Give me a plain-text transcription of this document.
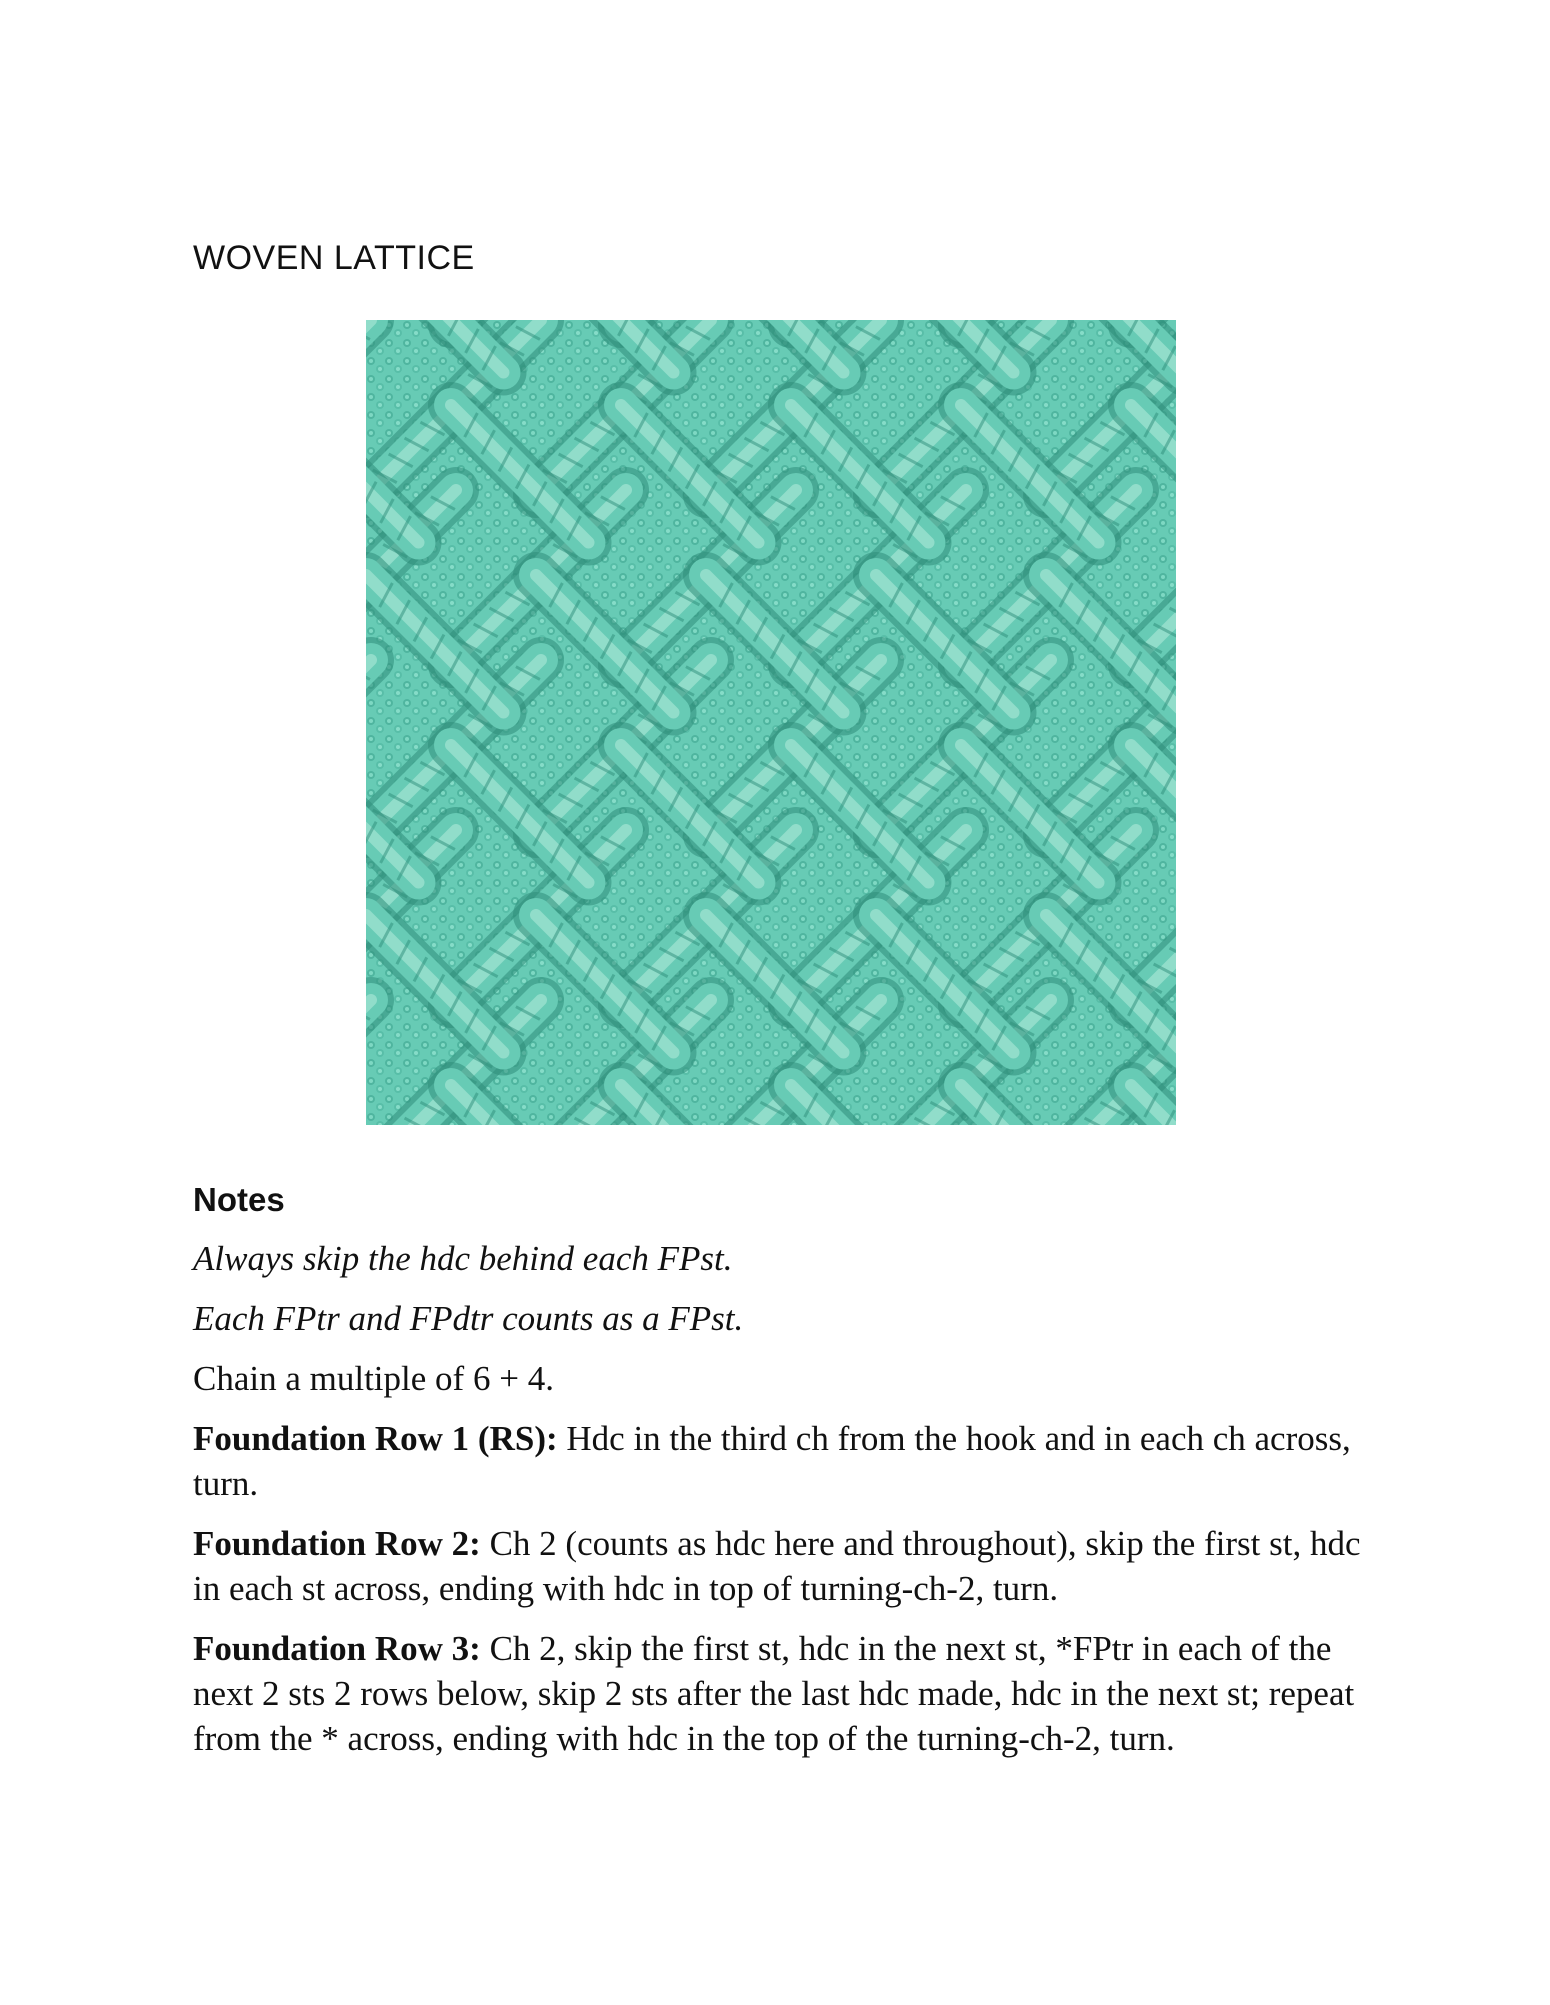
WOVEN LATTICE
Notes

Always skip the hdc behind each FPst.

Each FPtr and FPdtr counts as a FPst.

Chain a multiple of 6 + 4.

Foundation Row 1 (RS): Hdc in the third ch from the hook and in each ch across, turn.

Foundation Row 2: Ch 2 (counts as hdc here and throughout), skip the first st, hdc in each st across, ending with hdc in top of turning-ch-2, turn.

Foundation Row 3: Ch 2, skip the first st, hdc in the next st, *FPtr in each of the next 2 sts 2 rows below, skip 2 sts after the last hdc made, hdc in the next st; repeat from the * across, ending with hdc in the top of the turning-ch-2, turn.
